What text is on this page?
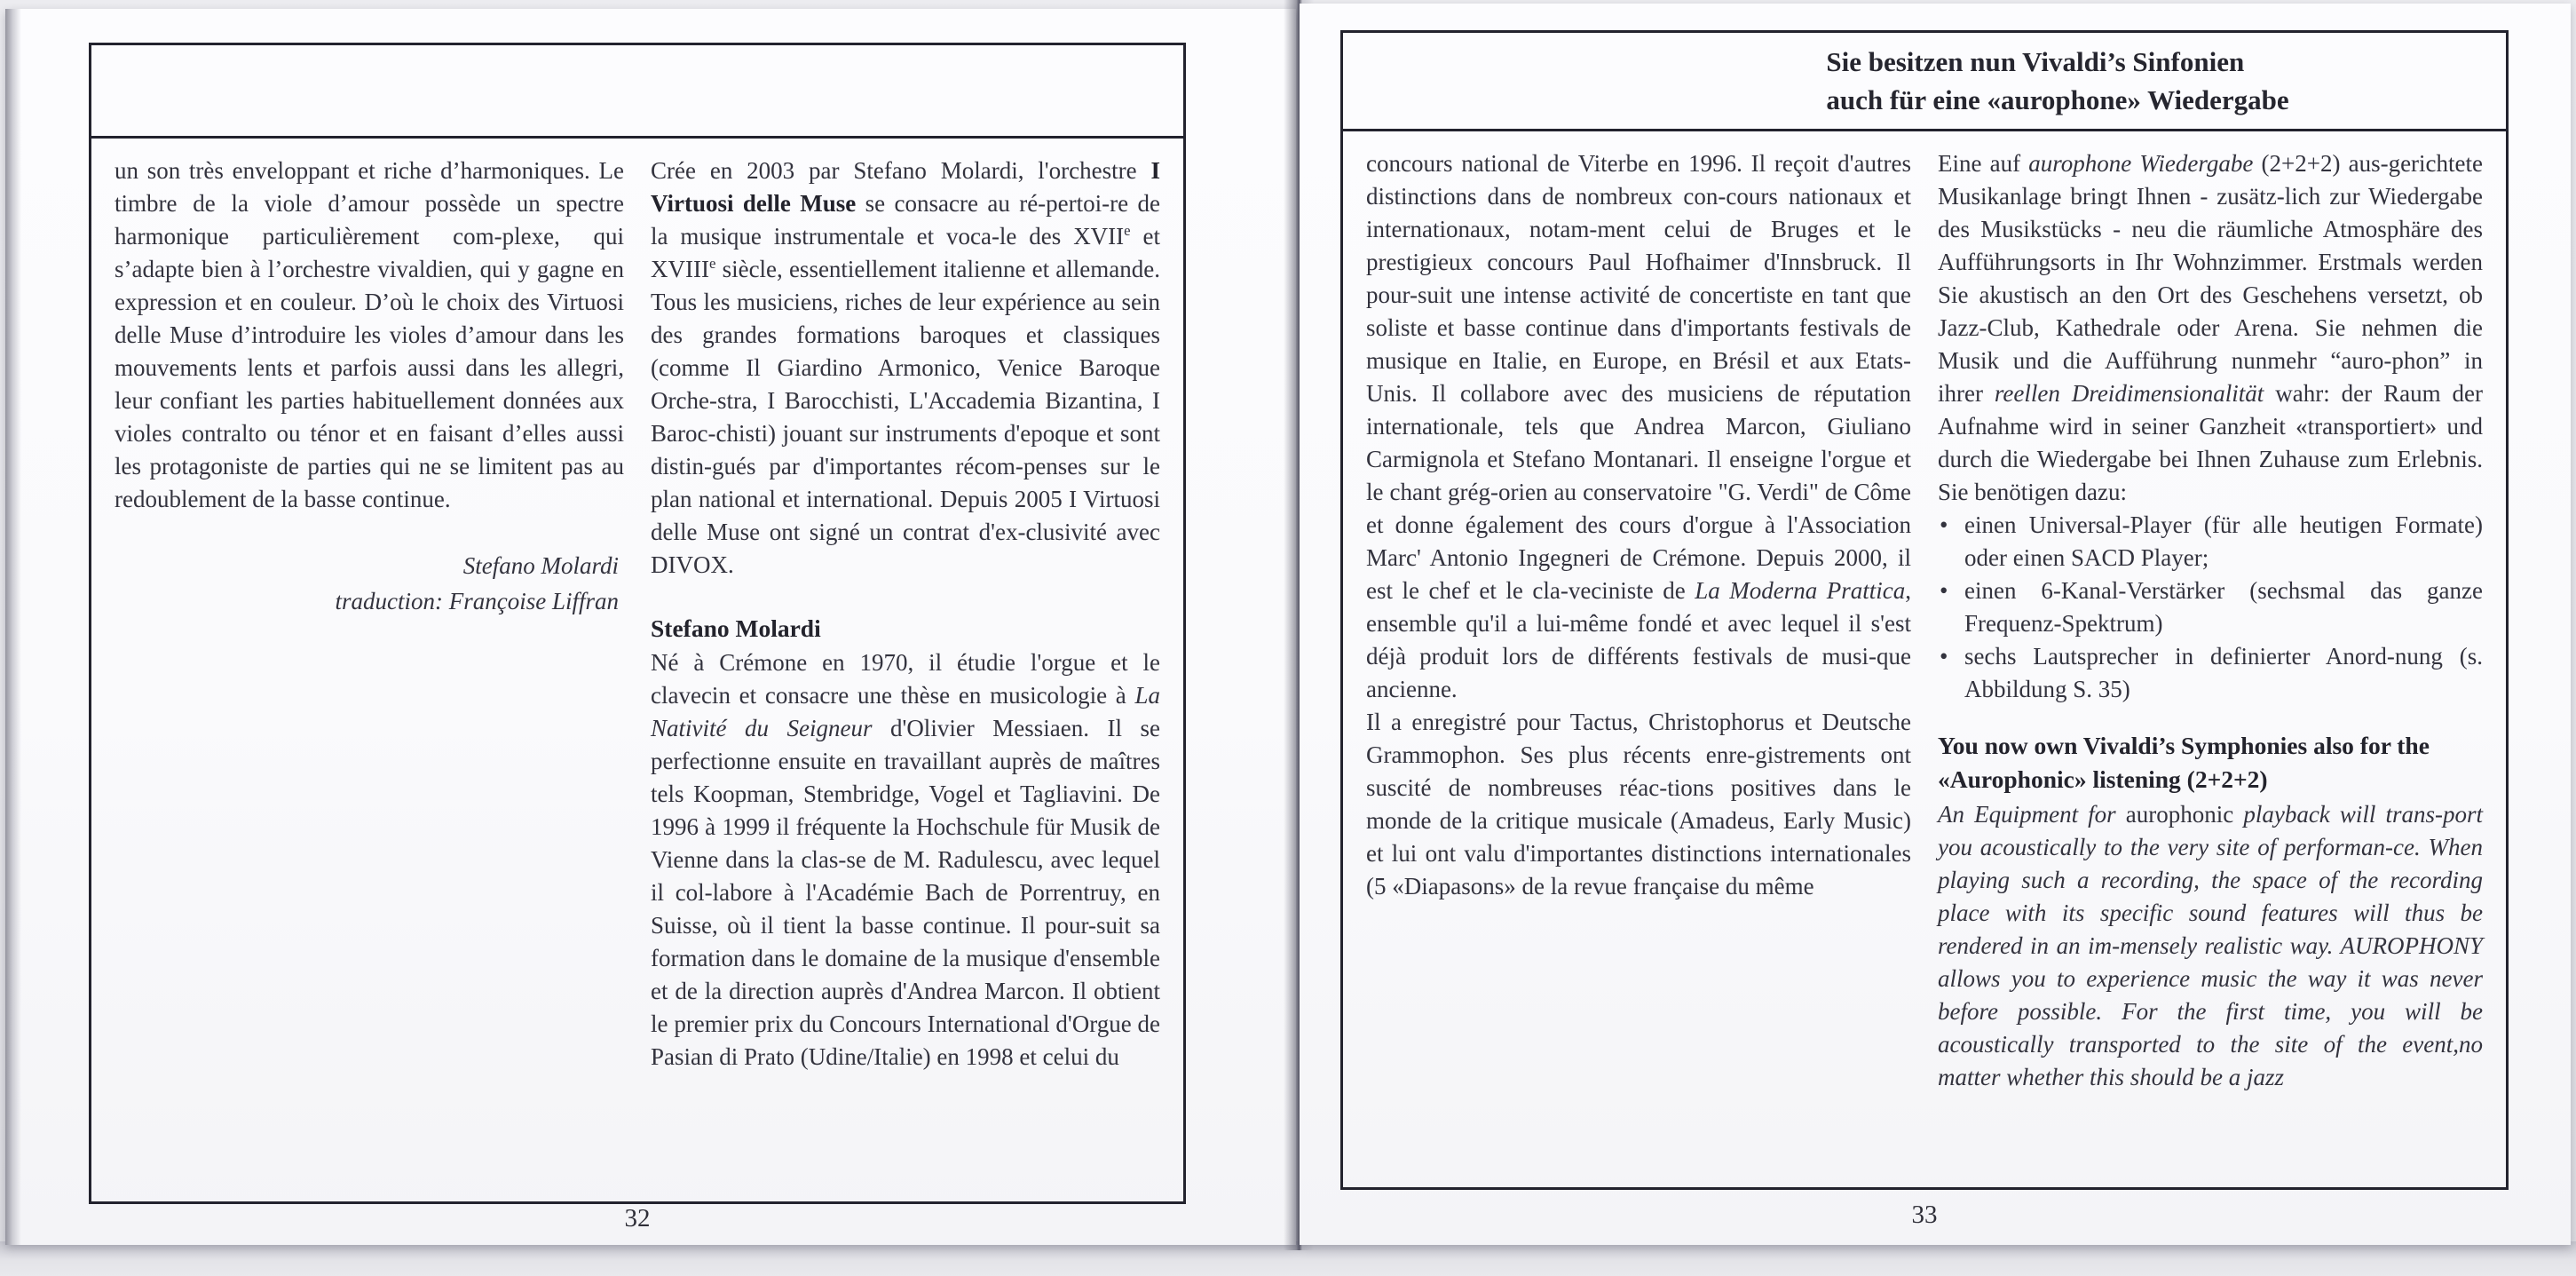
un son très enveloppant et riche d’harmoniques. Le timbre de la viole d’amour possède un spectre harmonique particulièrement com-plexe, qui s’adapte bien à l’orchestre vivaldien, qui y gagne en expression et en couleur. D’où le choix des Virtuosi delle Muse d’introduire les violes d’amour dans les mouvements lents et parfois aussi dans les allegri, leur confiant les parties habituellement données aux violes contralto ou ténor et en faisant d’elles aussi les protagoniste de parties qui ne se limitent pas au redoublement de la basse continue.

Stefano Molardi
traduction: Françoise Liffran

Crée en 2003 par Stefano Molardi, l'orchestre I Virtuosi delle Muse se consacre au ré-pertoi-re de la musique instrumentale et voca-le des XVIIe et XVIIIe siècle, essentiellement italienne et allemande. Tous les musiciens, riches de leur expérience au sein des grandes formations baroques et classiques (comme Il Giardino Armonico, Venice Baroque Orche-stra, I Barocchisti, L'Accademia Bizantina, I Baroc-chisti) jouant sur instruments d'epoque et sont distin-gués par d'importantes récom-penses sur le plan national et international. Depuis 2005 I Virtuosi delle Muse ont signé un contrat d'ex-clusivité avec DIVOX.

Stefano Molardi

Né à Crémone en 1970, il étudie l'orgue et le clavecin et consacre une thèse en musicologie à La Nativité du Seigneur d'Olivier Messiaen. Il se perfectionne ensuite en travaillant auprès de maîtres tels Koopman, Stembridge, Vogel et Tagliavini. De 1996 à 1999 il fréquente la Hochschule für Musik de Vienne dans la clas-se de M. Radulescu, avec lequel il col-labore à l'Académie Bach de Porrentruy, en Suisse, où il tient la basse continue. Il pour-suit sa formation dans le domaine de la musique d'ensemble et de la direction auprès d'Andrea Marcon. Il obtient le premier prix du Concours International d'Orgue de Pasian di Prato (Udine/Italie) en 1998 et celui du

32
Sie besitzen nun Vivaldi’s Sinfonien
auch für eine «aurophone» Wiedergabe

concours national de Viterbe en 1996. Il reçoit d'autres distinctions dans de nombreux con-cours nationaux et internationaux, notam-ment celui de Bruges et le prestigieux concours Paul Hofhaimer d'Innsbruck. Il pour-suit une intense activité de concertiste en tant que soliste et basse continue dans d'importants festivals de musique en Italie, en Europe, en Brésil et aux Etats-Unis. Il collabore avec des musiciens de réputation internationale, tels que Andrea Marcon, Giuliano Carmignola et Stefano Montanari. Il enseigne l'orgue et le chant grég-orien au conservatoire "G. Verdi" de Côme et donne également des cours d'orgue à l'Association Marc' Antonio Ingegneri de Crémone. Depuis 2000, il est le chef et le cla-veciniste de La Moderna Prattica, ensemble qu'il a lui-même fondé et avec lequel il s'est déjà produit lors de différents festivals de musi-que ancienne.

Il a enregistré pour Tactus, Christophorus et Deutsche Grammophon. Ses plus récents enre-gistrements ont suscité de nombreuses réac-tions positives dans le monde de la critique musicale (Amadeus, Early Music) et lui ont valu d'importantes distinctions internationales (5 «Diapasons» de la revue française du même

Eine auf aurophone Wiedergabe (2+2+2) aus-gerichtete Musikanlage bringt Ihnen - zusätz-lich zur Wiedergabe des Musikstücks - neu die räumliche Atmosphäre des Aufführungsorts in Ihr Wohnzimmer. Erstmals werden Sie akustisch an den Ort des Geschehens versetzt, ob Jazz-Club, Kathedrale oder Arena. Sie nehmen die Musik und die Aufführung nunmehr “auro-phon” in ihrer reellen Dreidimensionalität wahr: der Raum der Aufnahme wird in seiner Ganzheit «transportiert» und durch die Wiedergabe bei Ihnen Zuhause zum Erlebnis. Sie benötigen dazu:

• einen Universal-Player (für alle heutigen Formate) oder einen SACD Player;
• einen 6-Kanal-Verstärker (sechsmal das ganze Frequenz-Spektrum)
• sechs Lautsprecher in definierter Anord-nung (s. Abbildung S. 35)
You now own Vivaldi’s Symphonies also for the «Aurophonic» listening (2+2+2)

An Equipment for aurophonic playback will trans-port you acoustically to the very site of performan-ce. When playing such a recording, the space of the recording place with its specific sound features will thus be rendered in an im-mensely realistic way. AUROPHONY allows you to experience music the way it was never before possible. For the first time, you will be acoustically transported to the site of the event,no matter whether this should be a jazz

33
